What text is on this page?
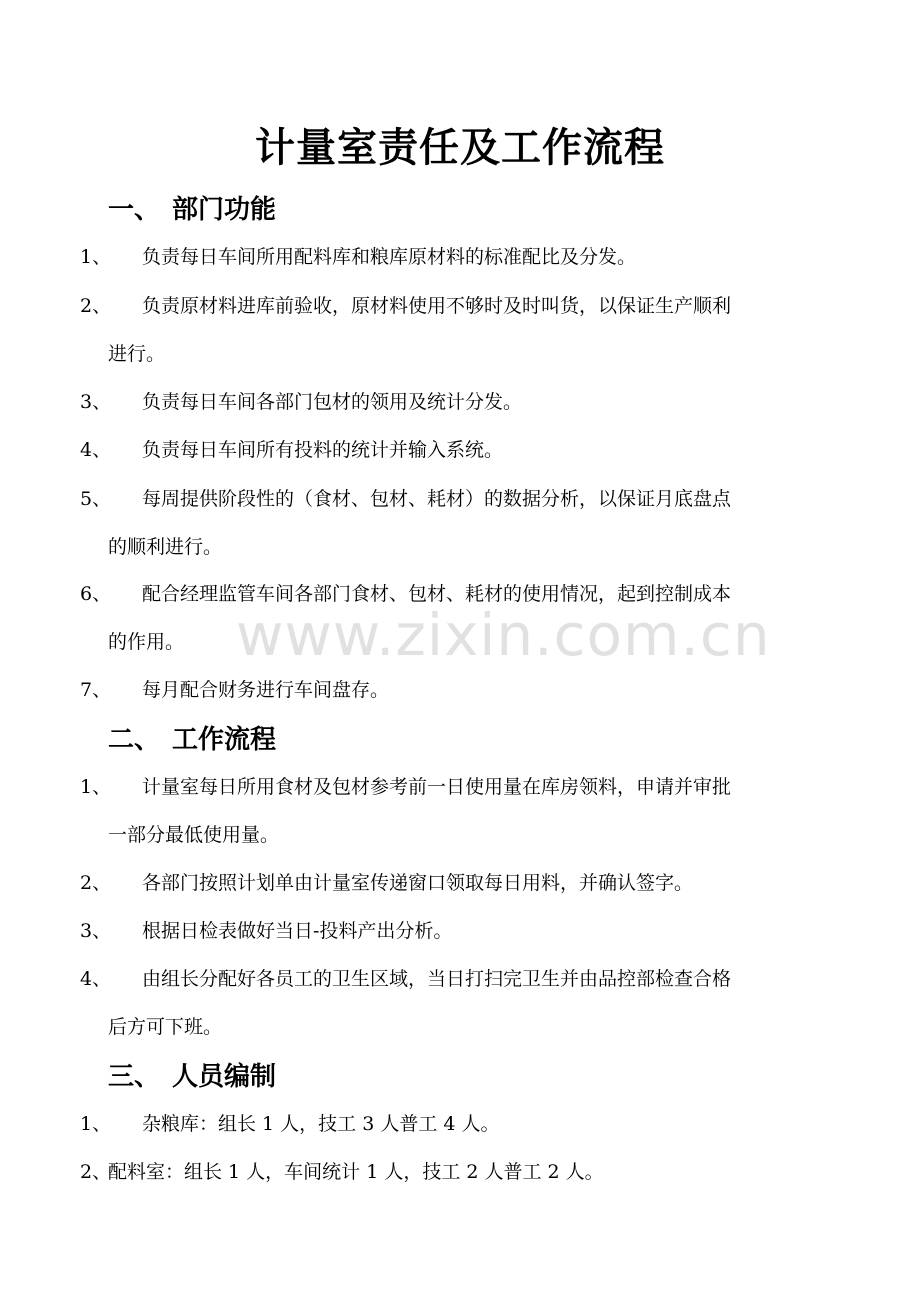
计量室责任及工作流程
一、 部门功能
1、 负责每日车间所用配料库和粮库原材料的标准配比及分发。
2、 负责原材料进库前验收，原材料使用不够时及时叫货，以保证生产顺利
进行。
3、 负责每日车间各部门包材的领用及统计分发。
4、 负责每日车间所有投料的统计并输入系统。
5、 每周提供阶段性的（食材、包材、耗材）的数据分析，以保证月底盘点
的顺利进行。
6、 配合经理监管车间各部门食材、包材、耗材的使用情况，起到控制成本
的作用。
7、 每月配合财务进行车间盘存。
二、 工作流程
1、 计量室每日所用食材及包材参考前一日使用量在库房领料，申请并审批
一部分最低使用量。
2、 各部门按照计划单由计量室传递窗口领取每日用料，并确认签字。
3、 根据日检表做好当日-投料产出分析。
4、 由组长分配好各员工的卫生区域，当日打扫完卫生并由品控部检查合格
后方可下班。
三、 人员编制
1、 杂粮库：组长 1 人，技工 3 人普工 4 人。
2、配料室：组长 1 人，车间统计 1 人，技工 2 人普工 2 人。
www.zixin.com.cn
